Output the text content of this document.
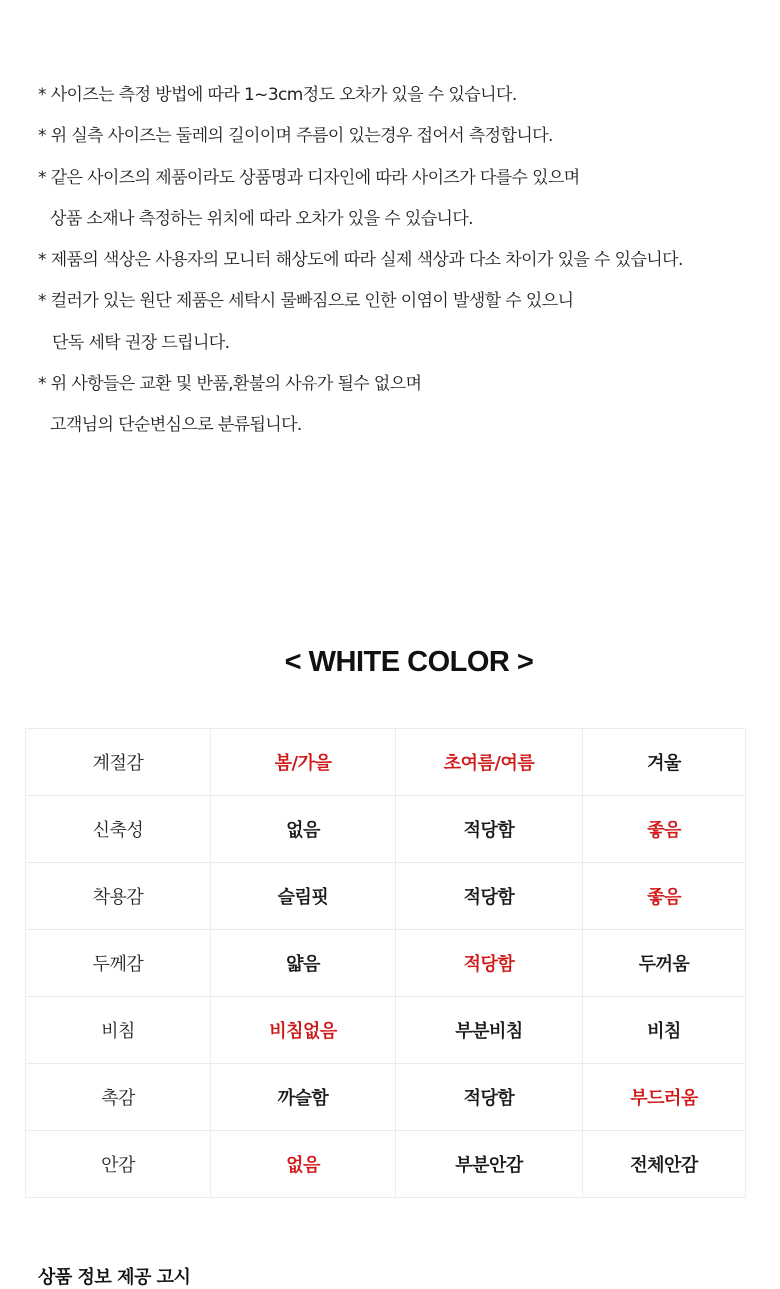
* 사이즈는 측정 방법에 따라 1~3cm정도 오차가 있을 수 있습니다.
* 위 실측 사이즈는 둘레의 길이이며 주름이 있는경우 접어서 측정합니다.
* 같은 사이즈의 제품이라도 상품명과 디자인에 따라 사이즈가 다를수 있으며
상품 소재나 측정하는 위치에 따라 오차가 있을 수 있습니다.
* 제품의 색상은 사용자의 모니터 해상도에 따라 실제 색상과 다소 차이가 있을 수 있습니다.
* 컬러가 있는 원단 제품은 세탁시 물빠짐으로 인한 이염이 발생할 수 있으니
단독 세탁 권장 드립니다.
* 위 사항들은 교환 및 반품,환불의 사유가 될수 없으며
고객님의 단순변심으로 분류됩니다.
< WHITE COLOR >
계절감	봄/가을	초여름/여름	겨울
신축성	없음	적당함	좋음
착용감	슬림핏	적당함	좋음
두께감	얇음	적당함	두꺼움
비침	비침없음	부분비침	비침
촉감	까슬함	적당함	부드러움
안감	없음	부분안감	전체안감
상품 정보 제공 고시
